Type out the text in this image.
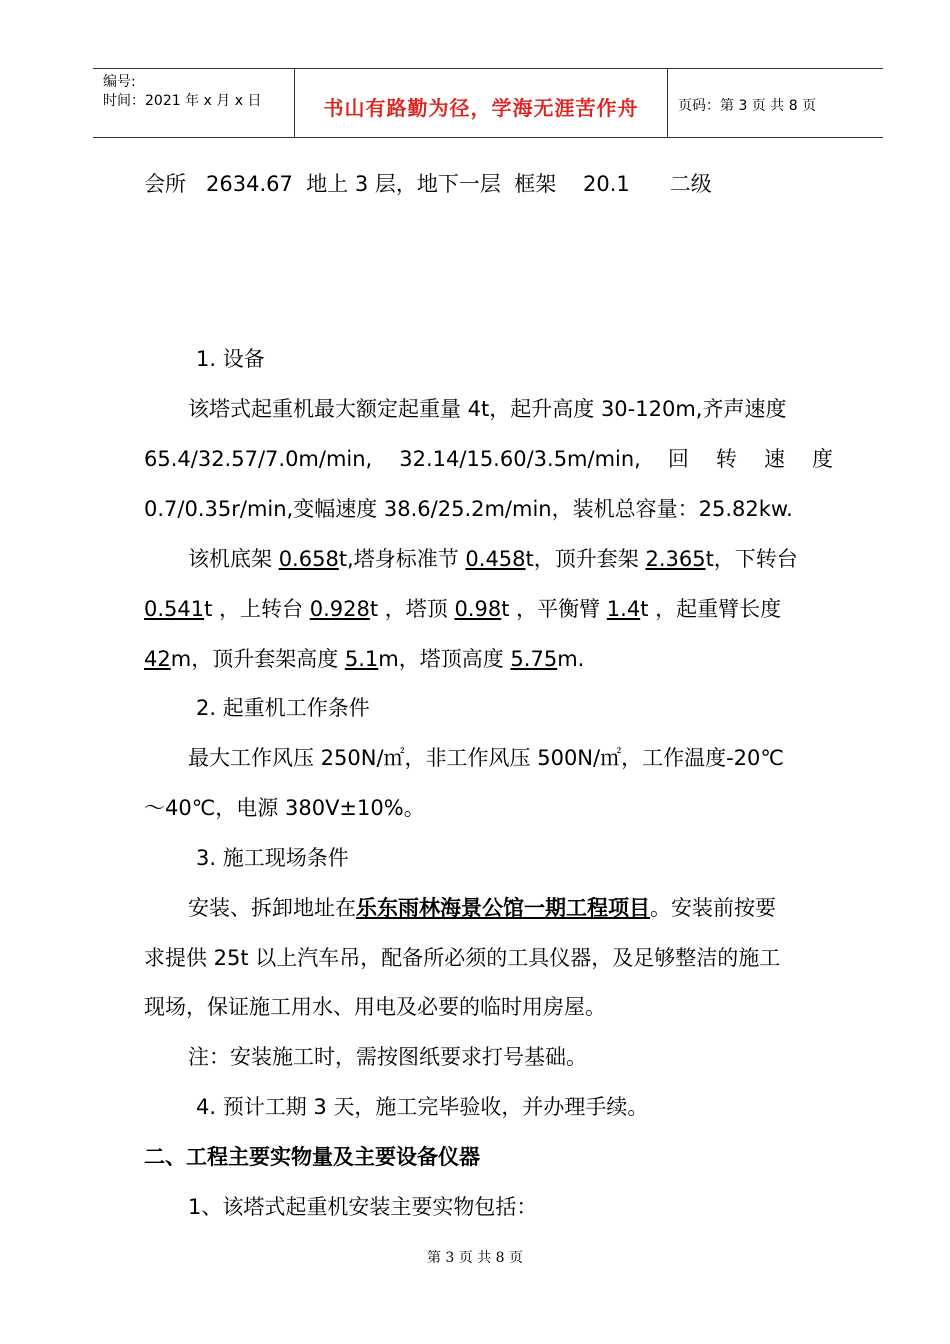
编号:
时间：2021 年 x 月 x 日	书山有路勤为径，学海无涯苦作舟	页码：第 3 页 共 8 页
会所   2634.67  地上 3 层，地下一层  框架    20.1      二级
1. 设备
该塔式起重机最大额定起重量 4t，起升高度 30-120m,齐声速度
65.4/32.57/7.0m/min, 32.14/15.60/3.5m/min, 回 转 速 度
0.7/0.35r/min,变幅速度 38.6/25.2m/min，装机总容量：25.82kw.
该机底架 0.658t,塔身标准节 0.458t，顶升套架 2.365t，下转台
0.541t ，上转台 0.928t ，塔顶 0.98t ，平衡臂 1.4t ，起重臂长度
42m，顶升套架高度 5.1m，塔顶高度 5.75m.
2. 起重机工作条件
最大工作风压 250N/㎡，非工作风压 500N/㎡，工作温度-20℃
～40℃，电源 380V±10%。
3. 施工现场条件
安装、拆卸地址在乐东雨林海景公馆一期工程项目。安装前按要
求提供 25t 以上汽车吊，配备所必须的工具仪器，及足够整洁的施工
现场，保证施工用水、用电及必要的临时用房屋。
注：安装施工时，需按图纸要求打号基础。
4. 预计工期 3 天，施工完毕验收，并办理手续。
二、工程主要实物量及主要设备仪器
1、该塔式起重机安装主要实物包括：
第 3 页 共 8 页
